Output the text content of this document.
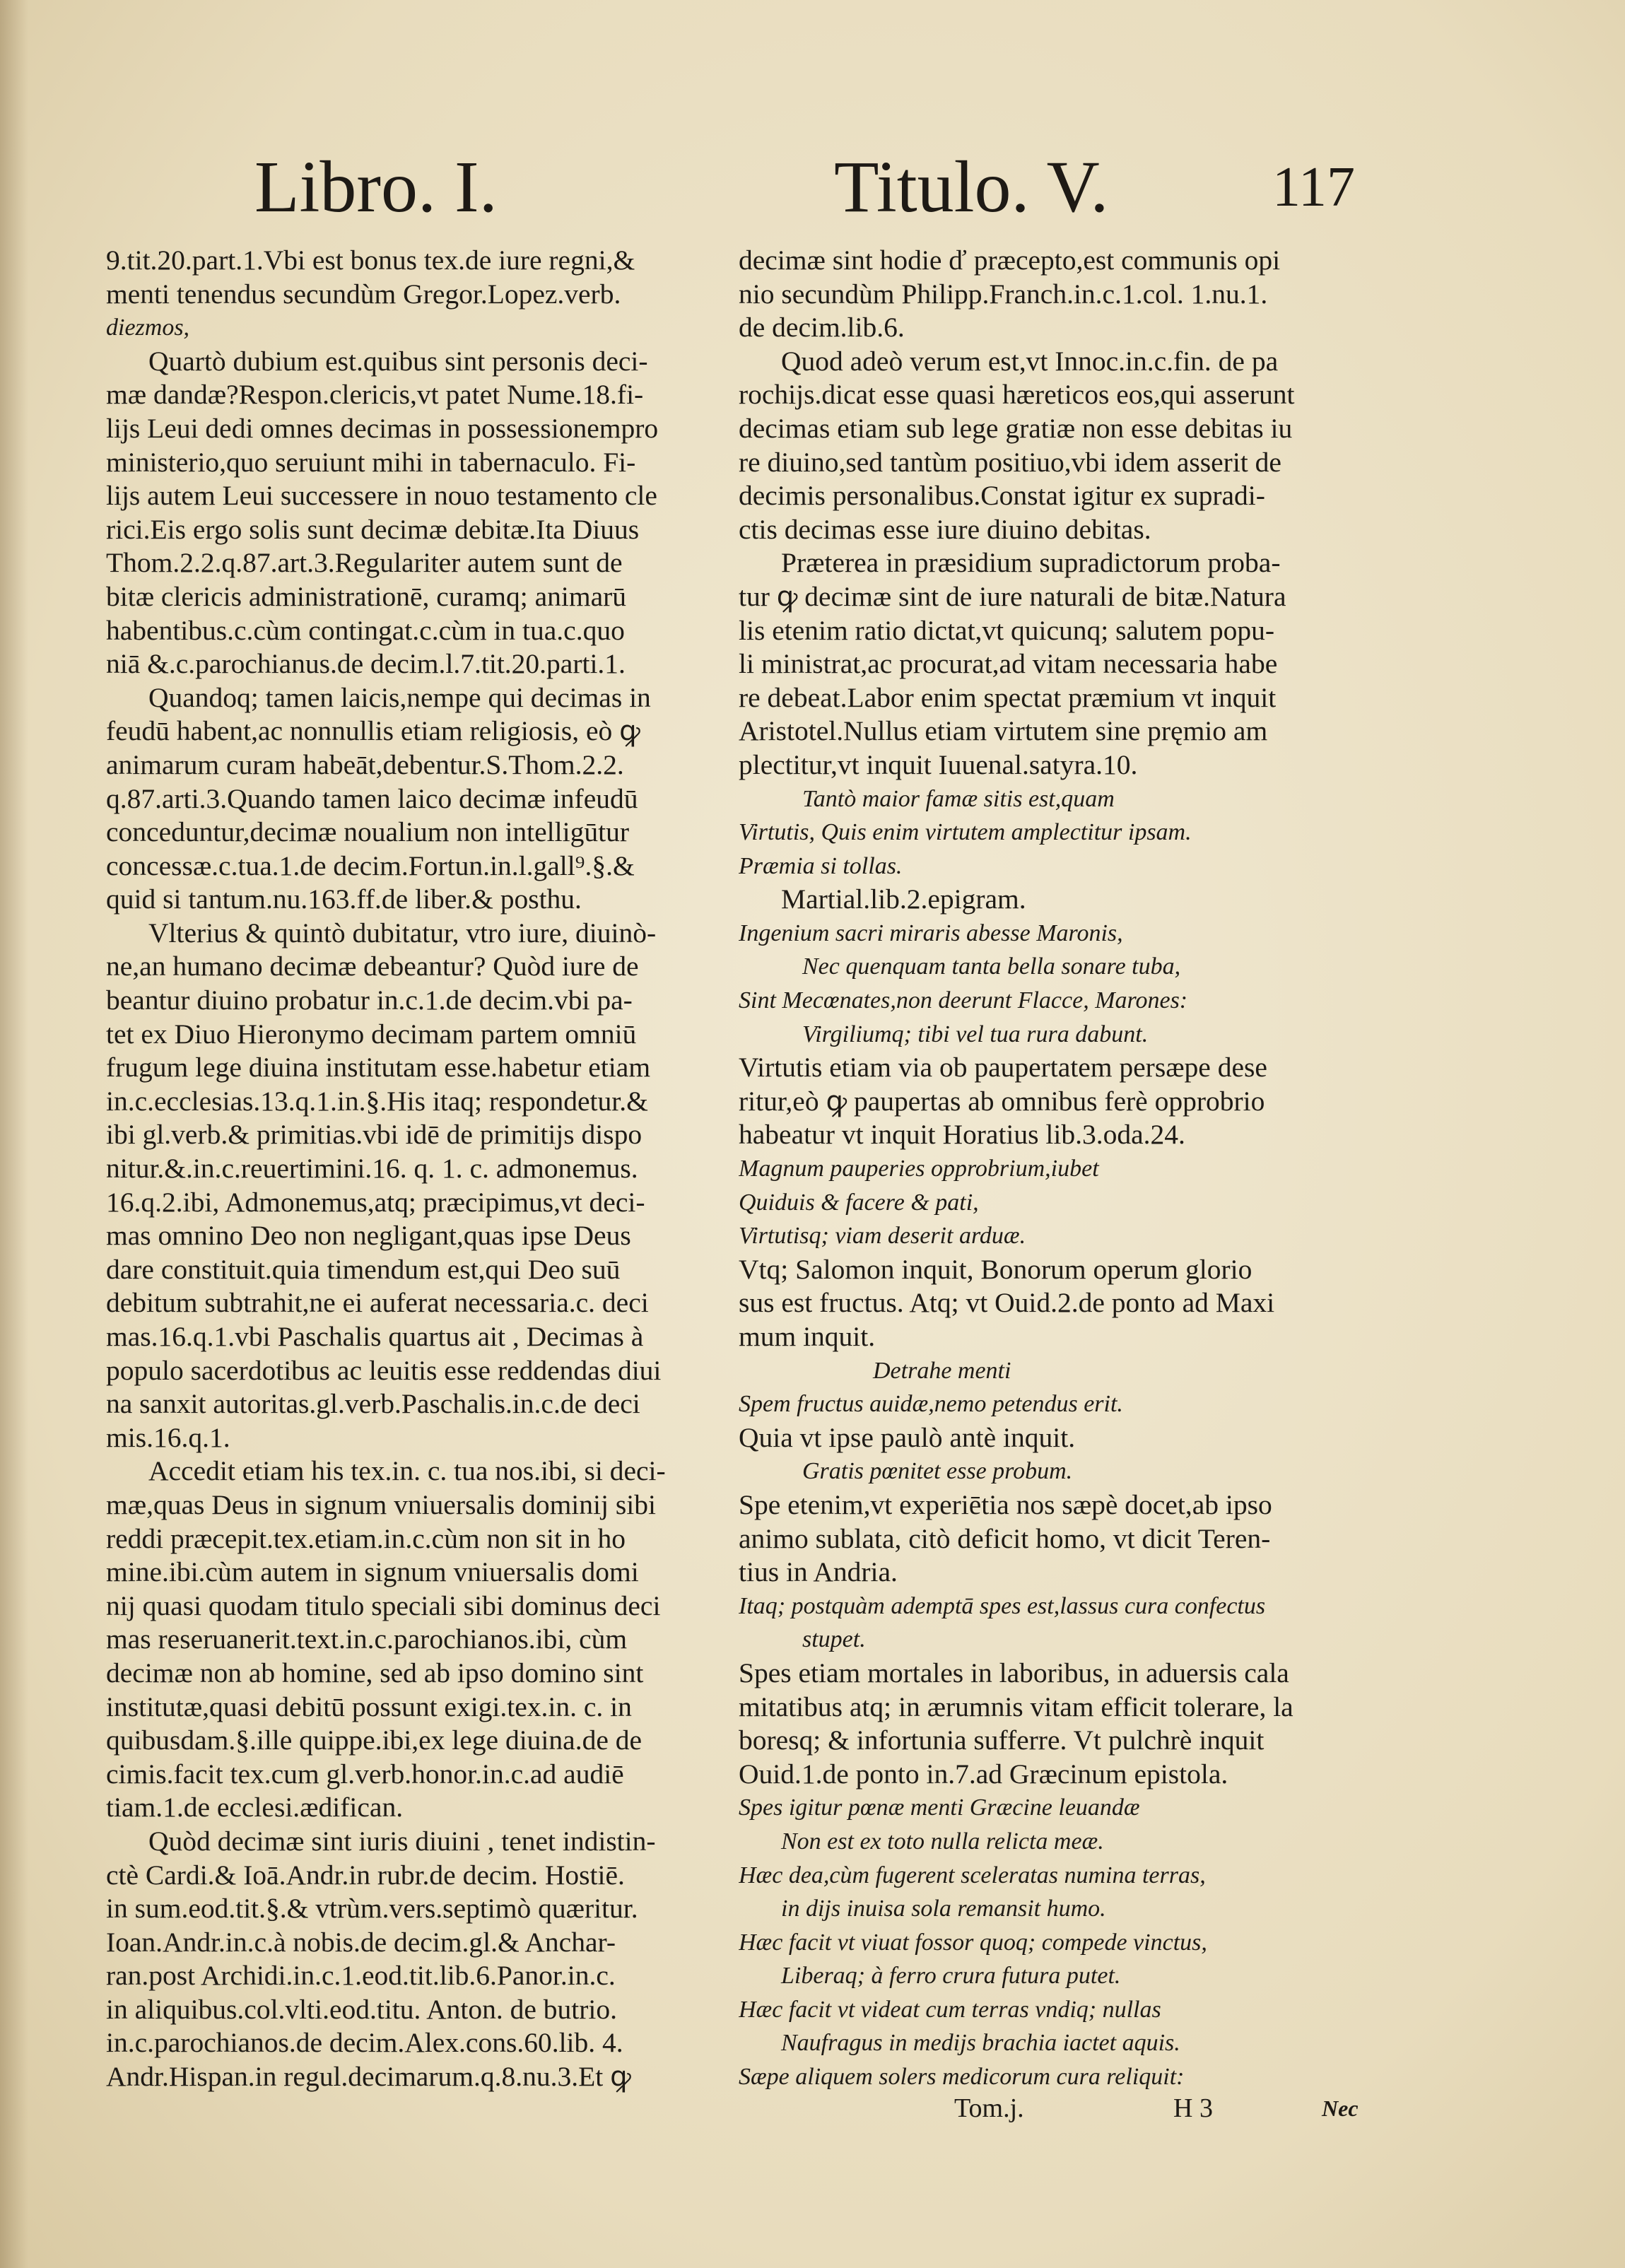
Libro. I.	Titulo. V.	117
9.tit.20.part.1.Vbi est bonus tex.de iure regni,&
menti tenendus secundùm Gregor.Lopez.verb.
diezmos,
Quartò dubium est.quibus sint personis deci-
mæ dandæ?Respon.clericis,vt patet Nume.18.fi-
lijs Leui dedi omnes decimas in possessionempro
ministerio,quo seruiunt mihi in tabernaculo. Fi-
lijs autem Leui successere in nouo testamento cle
rici.Eis ergo solis sunt decimæ debitæ.Ita Diuus
Thom.2.2.q.87.art.3.Regulariter autem sunt de
bitæ clericis administrationē, curamq; animarū
habentibus.c.cùm contingat.c.cùm in tua.c.quo
niā &.c.parochianus.de decim.l.7.tit.20.parti.1.
Quandoq; tamen laicis,nempe qui decimas in
feudū habent,ac nonnullis etiam religiosis, eò ꝙ
animarum curam habeāt,debentur.S.Thom.2.2.
q.87.arti.3.Quando tamen laico decimæ infeudū
conceduntur,decimæ noualium non intelligūtur
concessæ.c.tua.1.de decim.Fortun.in.l.gall⁹.§.&
quid si tantum.nu.163.ff.de liber.& posthu.
Vlterius & quintò dubitatur, vtro iure, diuinò-
ne,an humano decimæ debeantur? Quòd iure de
beantur diuino probatur in.c.1.de decim.vbi pa-
tet ex Diuo Hieronymo decimam partem omniū
frugum lege diuina institutam esse.habetur etiam
in.c.ecclesias.13.q.1.in.§.His itaq; respondetur.&
ibi gl.verb.& primitias.vbi idē de primitijs dispo
nitur.&.in.c.reuertimini.16. q. 1. c. admonemus.
16.q.2.ibi, Admonemus,atq; præcipimus,vt deci-
mas omnino Deo non negligant,quas ipse Deus
dare constituit.quia timendum est,qui Deo suū
debitum subtrahit,ne ei auferat necessaria.c. deci
mas.16.q.1.vbi Paschalis quartus ait , Decimas à
populo sacerdotibus ac leuitis esse reddendas diui
na sanxit autoritas.gl.verb.Paschalis.in.c.de deci
mis.16.q.1.
Accedit etiam his tex.in. c. tua nos.ibi, si deci-
mæ,quas Deus in signum vniuersalis dominij sibi
reddi præcepit.tex.etiam.in.c.cùm non sit in ho
mine.ibi.cùm autem in signum vniuersalis domi
nij quasi quodam titulo speciali sibi dominus deci
mas reseruanerit.text.in.c.parochianos.ibi, cùm
decimæ non ab homine, sed ab ipso domino sint
institutæ,quasi debitū possunt exigi.tex.in. c. in
quibusdam.§.ille quippe.ibi,ex lege diuina.de de
cimis.facit tex.cum gl.verb.honor.in.c.ad audiē
tiam.1.de ecclesi.ædifican.
Quòd decimæ sint iuris diuini , tenet indistin-
ctè Cardi.& Ioā.Andr.in rubr.de decim. Hostiē.
in sum.eod.tit.§.& vtrùm.vers.septimò quæritur.
Ioan.Andr.in.c.à nobis.de decim.gl.& Anchar-
ran.post Archidi.in.c.1.eod.tit.lib.6.Panor.in.c.
in aliquibus.col.vlti.eod.titu. Anton. de butrio.
in.c.parochianos.de decim.Alex.cons.60.lib. 4.
Andr.Hispan.in regul.decimarum.q.8.nu.3.Et ꝙ
decimæ sint hodie ď præcepto,est communis opi
nio secundùm Philipp.Franch.in.c.1.col. 1.nu.1.
de decim.lib.6.
Quod adeò verum est,vt Innoc.in.c.fin. de pa
rochijs.dicat esse quasi hæreticos eos,qui asserunt
decimas etiam sub lege gratiæ non esse debitas iu
re diuino,sed tantùm positiuo,vbi idem asserit de
decimis personalibus.Constat igitur ex supradi-
ctis decimas esse iure diuino debitas.
Præterea in præsidium supradictorum proba-
tur ꝙ decimæ sint de iure naturali de bitæ.Natura
lis etenim ratio dictat,vt quicunq; salutem popu-
li ministrat,ac procurat,ad vitam necessaria habe
re debeat.Labor enim spectat præmium vt inquit
Aristotel.Nullus etiam virtutem sine pręmio am
plectitur,vt inquit Iuuenal.satyra.10.
Tantò maior famæ sitis est,quam
Virtutis, Quis enim virtutem amplectitur ipsam.
Præmia si tollas.
Martial.lib.2.epigram.
Ingenium sacri miraris abesse Maronis,
Nec quenquam tanta bella sonare tuba,
Sint Mecœnates,non deerunt Flacce, Marones:
Virgiliumq; tibi vel tua rura dabunt.
Virtutis etiam via ob paupertatem persæpe dese
ritur,eò ꝙ paupertas ab omnibus ferè opprobrio
habeatur vt inquit Horatius lib.3.oda.24.
Magnum pauperies opprobrium,iubet
Quiduis & facere & pati,
Virtutisq; viam deserit arduæ.
Vtq; Salomon inquit, Bonorum operum glorio
sus est fructus. Atq; vt Ouid.2.de ponto ad Maxi
mum inquit.
Detrahe menti
Spem fructus auidæ,nemo petendus erit.
Quia vt ipse paulò antè inquit.
Gratis pœnitet esse probum.
Spe etenim,vt experiētia nos sæpè docet,ab ipso
animo sublata, citò deficit homo, vt dicit Teren-
tius in Andria.
Itaq; postquàm ademptā spes est,lassus cura confectus
stupet.
Spes etiam mortales in laboribus, in aduersis cala
mitatibus atq; in ærumnis vitam efficit tolerare, la
boresq; & infortunia sufferre. Vt pulchrè inquit
Ouid.1.de ponto in.7.ad Græcinum epistola.
Spes igitur pœnæ menti Græcine leuandæ
Non est ex toto nulla relicta meæ.
Hæc dea,cùm fugerent sceleratas numina terras,
in dijs inuisa sola remansit humo.
Hæc facit vt viuat fossor quoq; compede vinctus,
Liberaq; à ferro crura futura putet.
Hæc facit vt videat cum terras vndiq; nullas
Naufragus in medijs brachia iactet aquis.
Sæpe aliquem solers medicorum cura reliquit:
Tom.j.	H 3	Nec
